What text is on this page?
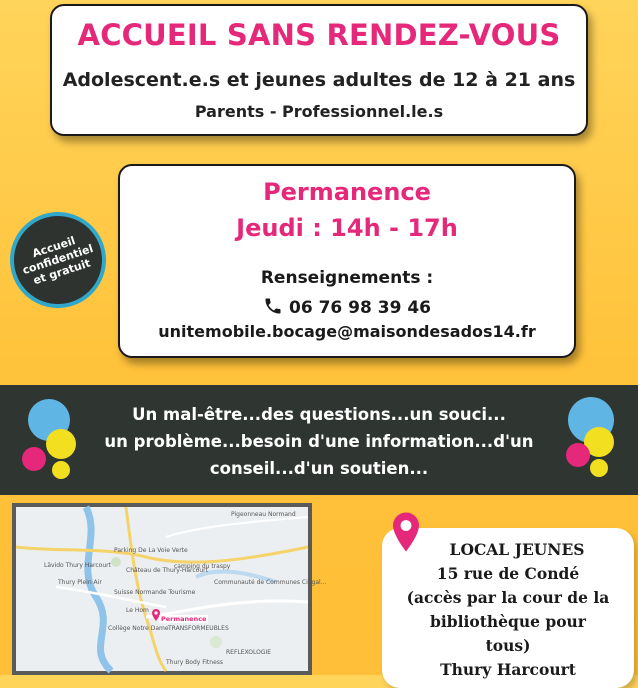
ACCUEIL SANS RENDEZ-VOUS
Adolescent.e.s et jeunes adultes de 12 à 21 ans
Parents - Professionnel.le.s
Accueil
confidentiel
et gratuit
Permanence
Jeudi : 14h - 17h
Renseignements :
06 76 98 39 46
unitemobile.bocage@maisondesados14.fr
Un mal-être...des questions...un souci...
un problème...besoin d'une information...d'un
conseil...d'un soutien...
Pigeonneau Normand
Parking De La Voie Verte
Lävido Thury Harcourt
Château de Thury-Harcourt
camping du traspy
Communauté de Communes Cingal...
Thury Plein Air
Suisse Normande Tourisme
Le Hom
Collège Notre Dame TRANSFORMEUBLES
Thury Body Fitness
REFLEXOLOGIE
Permanence
LOCAL JEUNES
15 rue de Condé
(accès par la cour de la
bibliothèque pour
tous)
Thury Harcourt
